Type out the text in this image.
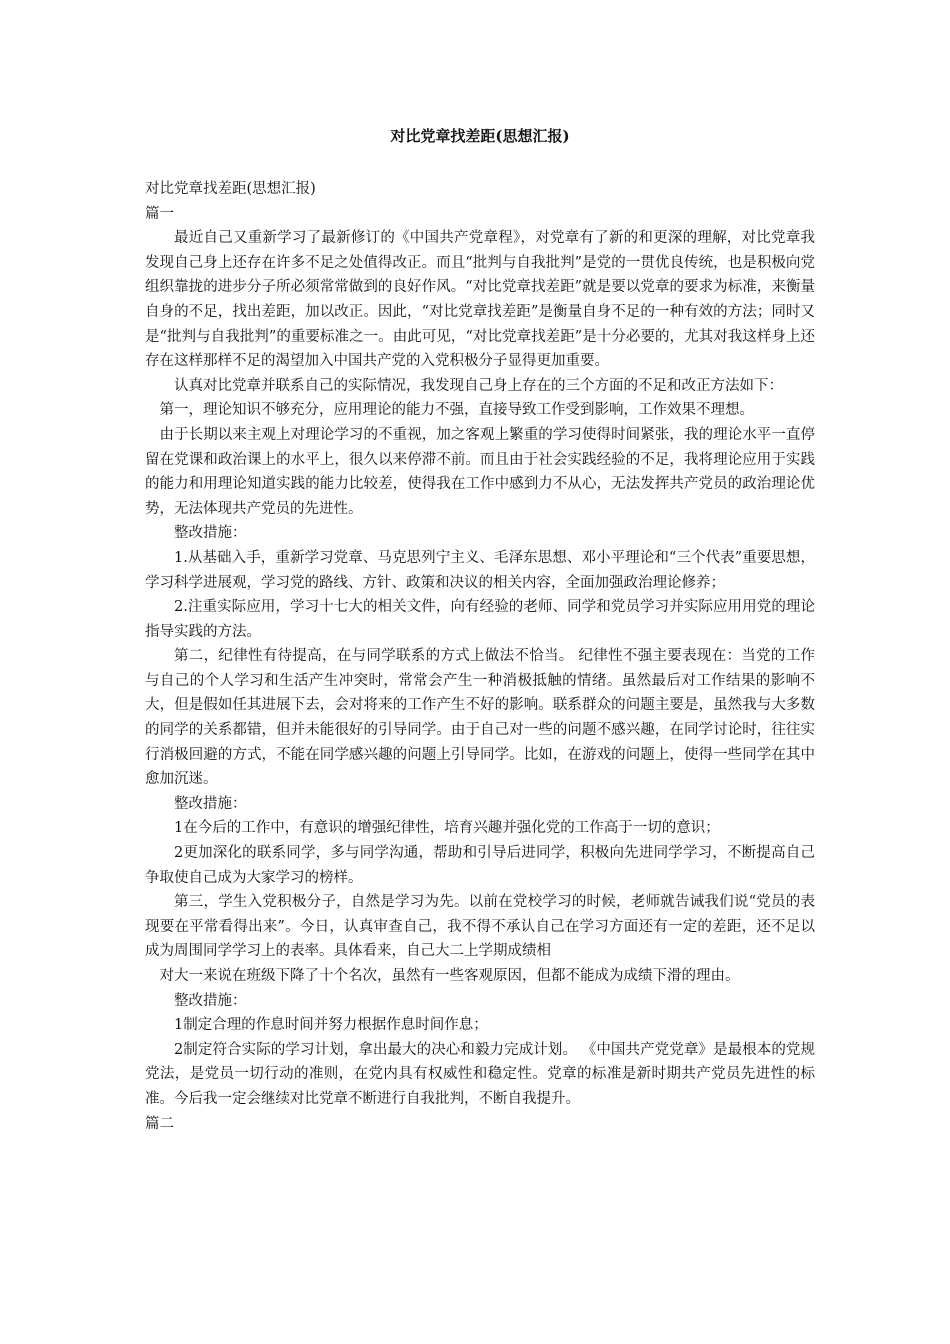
对比党章找差距(思想汇报)

对比党章找差距(思想汇报)

篇一

最近自己又重新学习了最新修订的《中国共产党章程》，对党章有了新的和更深的理解，对比党章我发现自己身上还存在许多不足之处值得改正。而且“批判与自我批判”是党的一贯优良传统，也是积极向党组织靠拢的进步分子所必须常常做到的良好作风。“对比党章找差距”就是要以党章的要求为标准，来衡量自身的不足，找出差距，加以改正。因此，“对比党章找差距”是衡量自身不足的一种有效的方法；同时又是“批判与自我批判”的重要标准之一。由此可见，“对比党章找差距”是十分必要的，尤其对我这样身上还存在这样那样不足的渴望加入中国共产党的入党积极分子显得更加重要。

认真对比党章并联系自己的实际情况，我发现自己身上存在的三个方面的不足和改正方法如下：

第一，理论知识不够充分，应用理论的能力不强，直接导致工作受到影响，工作效果不理想。

由于长期以来主观上对理论学习的不重视，加之客观上繁重的学习使得时间紧张，我的理论水平一直停留在党课和政治课上的水平上，很久以来停滞不前。而且由于社会实践经验的不足，我将理论应用于实践的能力和用理论知道实践的能力比较差，使得我在工作中感到力不从心，无法发挥共产党员的政治理论优势，无法体现共产党员的先进性。

整改措施：

1.从基础入手，重新学习党章、马克思列宁主义、毛泽东思想、邓小平理论和“三个代表”重要思想，学习科学进展观，学习党的路线、方针、政策和决议的相关内容，全面加强政治理论修养；

2.注重实际应用，学习十七大的相关文件，向有经验的老师、同学和党员学习并实际应用用党的理论指导实践的方法。

第二，纪律性有待提高，在与同学联系的方式上做法不恰当。 纪律性不强主要表现在：当党的工作与自己的个人学习和生活产生冲突时，常常会产生一种消极抵触的情绪。虽然最后对工作结果的影响不大，但是假如任其进展下去，会对将来的工作产生不好的影响。联系群众的问题主要是，虽然我与大多数的同学的关系都错，但并未能很好的引导同学。由于自己对一些的问题不感兴趣，在同学讨论时，往往实行消极回避的方式，不能在同学感兴趣的问题上引导同学。比如，在游戏的问题上，使得一些同学在其中愈加沉迷。

整改措施：

1在今后的工作中，有意识的增强纪律性，培育兴趣并强化党的工作高于一切的意识；

2更加深化的联系同学，多与同学沟通，帮助和引导后进同学，积极向先进同学学习，不断提高自己争取使自己成为大家学习的榜样。

第三，学生入党积极分子，自然是学习为先。以前在党校学习的时候，老师就告诫我们说“党员的表现要在平常看得出来”。今日，认真审查自己，我不得不承认自己在学习方面还有一定的差距，还不足以成为周围同学学习上的表率。具体看来，自己大二上学期成绩相

对大一来说在班级下降了十个名次，虽然有一些客观原因，但都不能成为成绩下滑的理由。

整改措施：

1制定合理的作息时间并努力根据作息时间作息；

2制定符合实际的学习计划，拿出最大的决心和毅力完成计划。 《中国共产党党章》是最根本的党规党法，是党员一切行动的准则，在党内具有权威性和稳定性。党章的标准是新时期共产党员先进性的标准。今后我一定会继续对比党章不断进行自我批判，不断自我提升。

篇二
